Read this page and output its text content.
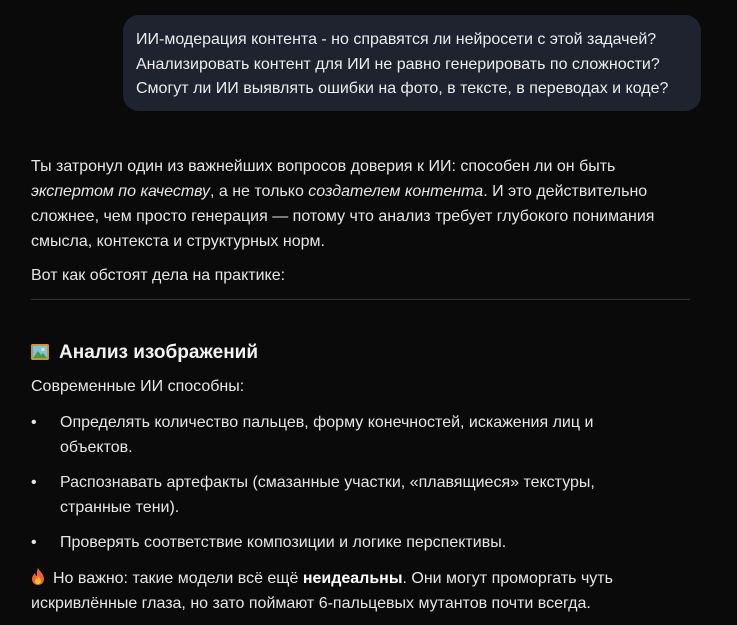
ИИ-модерация контента - но справятся ли нейросети с этой задачей?
Анализировать контент для ИИ не равно генерировать по сложности?
Смогут ли ИИ выявлять ошибки на фото, в тексте, в переводах и коде?
Ты затронул один из важнейших вопросов доверия к ИИ: способен ли он быть
экспертом по качеству, а не только создателем контента. И это действительно
сложнее, чем просто генерация — потому что анализ требует глубокого понимания
смысла, контекста и структурных норм.
Вот как обстоят дела на практике:
Анализ изображений
Современные ИИ способны:
• Определять количество пальцев, форму конечностей, искажения лиц и
объектов.
• Распознавать артефакты (смазанные участки, «плавящиеся» текстуры,
странные тени).
• Проверять соответствие композиции и логике перспективы.
Но важно: такие модели всё ещё неидеальны. Они могут проморгать чуть
искривлённые глаза, но зато поймают 6-пальцевых мутантов почти всегда.
